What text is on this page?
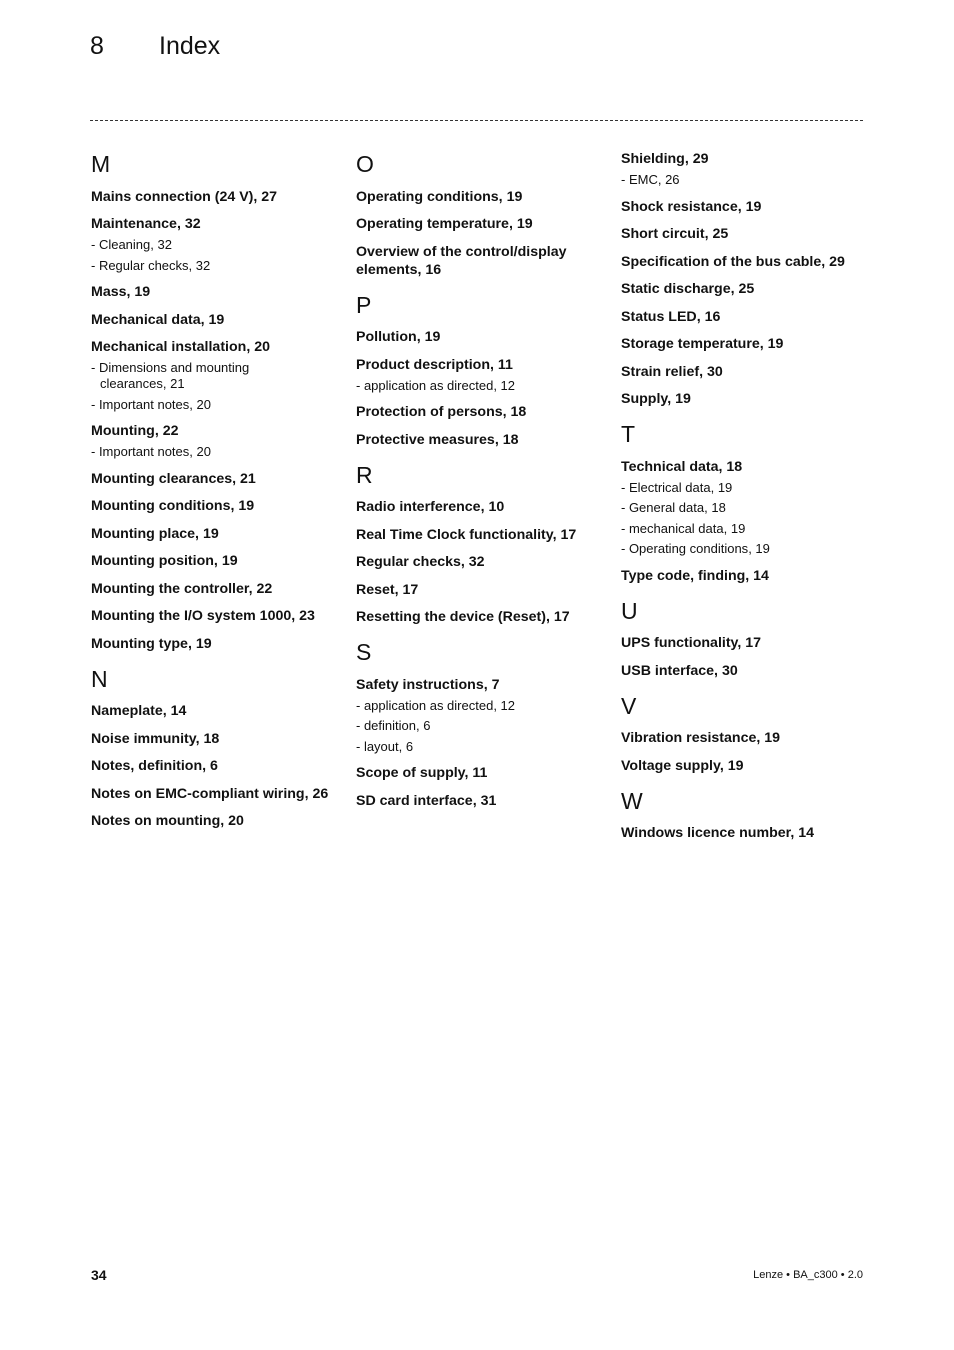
8 Index
M
Mains connection (24 V) , 27
Maintenance , 32
- Cleaning , 32
- Regular checks , 32
Mass , 19
Mechanical data , 19
Mechanical installation , 20
- Dimensions and mounting clearances , 21
- Important notes , 20
Mounting , 22
- Important notes , 20
Mounting clearances , 21
Mounting conditions , 19
Mounting place , 19
Mounting position , 19
Mounting the controller , 22
Mounting the I/O system 1000 , 23
Mounting type , 19
N
Nameplate , 14
Noise immunity , 18
Notes, definition , 6
Notes on EMC-compliant wiring , 26
Notes on mounting , 20
O
Operating conditions , 19
Operating temperature , 19
Overview of the control/display elements , 16
P
Pollution , 19
Product description , 11
- application as directed , 12
Protection of persons , 18
Protective measures , 18
R
Radio interference , 10
Real Time Clock functionality , 17
Regular checks , 32
Reset , 17
Resetting the device (Reset) , 17
S
Safety instructions , 7
- application as directed , 12
- definition , 6
- layout , 6
Scope of supply , 11
SD card interface , 31
Shielding , 29
- EMC , 26
Shock resistance , 19
Short circuit , 25
Specification of the bus cable , 29
Static discharge , 25
Status LED , 16
Storage temperature , 19
Strain relief , 30
Supply , 19
T
Technical data , 18
- Electrical data , 19
- General data , 18
- mechanical data , 19
- Operating conditions , 19
Type code, finding , 14
U
UPS functionality , 17
USB interface , 30
V
Vibration resistance , 19
Voltage supply , 19
W
Windows licence number , 14
34	Lenze • BA_c300 • 2.0
